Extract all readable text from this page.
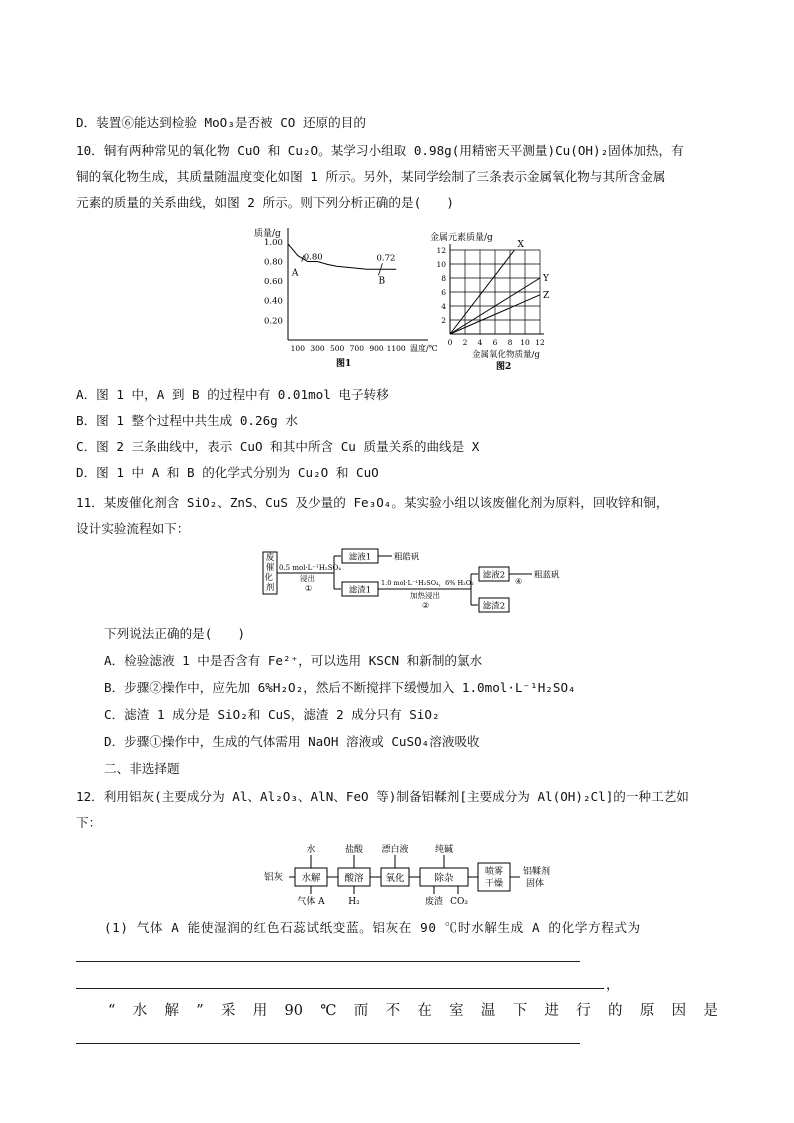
D．装置⑥能达到检验 MoO₃是否被 CO 还原的目的
10．铜有两种常见的氧化物 CuO 和 Cu₂O。某学习小组取 0.98g(用精密天平测量)Cu(OH)₂固体加热，有
铜的氧化物生成，其质量随温度变化如图 1 所示。另外，某同学绘制了三条表示金属氧化物与其所含金属
元素的质量的关系曲线，如图 2 所示。则下列分析正确的是(　　)
质量/g
温度/℃
1.00
0.80
0.60
0.40
0.20
100 300 500 700 900 1100
0.80
A
0.72
B
图1
金属元素质量/g
12
10
8
6
4
2
0 2 4 6 8 10 12
X
Y
Z
金属氧化物质量/g
图2
A．图 1 中，A 到 B 的过程中有 0.01mol 电子转移
B．图 1 整个过程中共生成 0.26g 水
C．图 2 三条曲线中，表示 CuO 和其中所含 Cu 质量关系的曲线是 X
D．图 1 中 A 和 B 的化学式分别为 Cu₂O 和 CuO
11．某废催化剂含 SiO₂、ZnS、CuS 及少量的 Fe₃O₄。某实验小组以该废催化剂为原料，回收锌和铜，
设计实验流程如下：
废催化 剂
0.5 mol·L⁻¹H₂SO₄
浸出
①
滤液1	粗皓矾
滤渣1
1.0 mol·L⁻¹H₂SO₄，6% H₂O₂
加热浸出
②
滤液2
④
粗蓝矾
滤渣2
下列说法正确的是(　　)
A．检验滤液 1 中是否含有 Fe²⁺，可以选用 KSCN 和新制的氯水
B．步骤②操作中，应先加 6%H₂O₂，然后不断搅拌下缓慢加入 1.0mol·L⁻¹H₂SO₄
C．滤渣 1 成分是 SiO₂和 CuS，滤渣 2 成分只有 SiO₂
D．步骤①操作中，生成的气体需用 NaOH 溶液或 CuSO₄溶液吸收
二、非选择题
12．利用铝灰(主要成分为 Al、Al₂O₃、AlN、FeO 等)制备铝鞣剂[主要成分为 Al(OH)₂Cl]的一种工艺如
下：
铝灰 水解	酸溶 氧化	除杂
喷雾干燥
铝鞣剂
固体
水	盐酸 漂白液	纯碱
气体 A	H₂	废渣 CO₂
(1) 气体 A 能使湿润的红色石蕊试纸变蓝。铝灰在 90 ℃时水解生成 A 的化学方程式为
，
“ 水 解 ” 采 用 90 ℃ 而 不 在 室 温 下 进 行 的 原 因 是
